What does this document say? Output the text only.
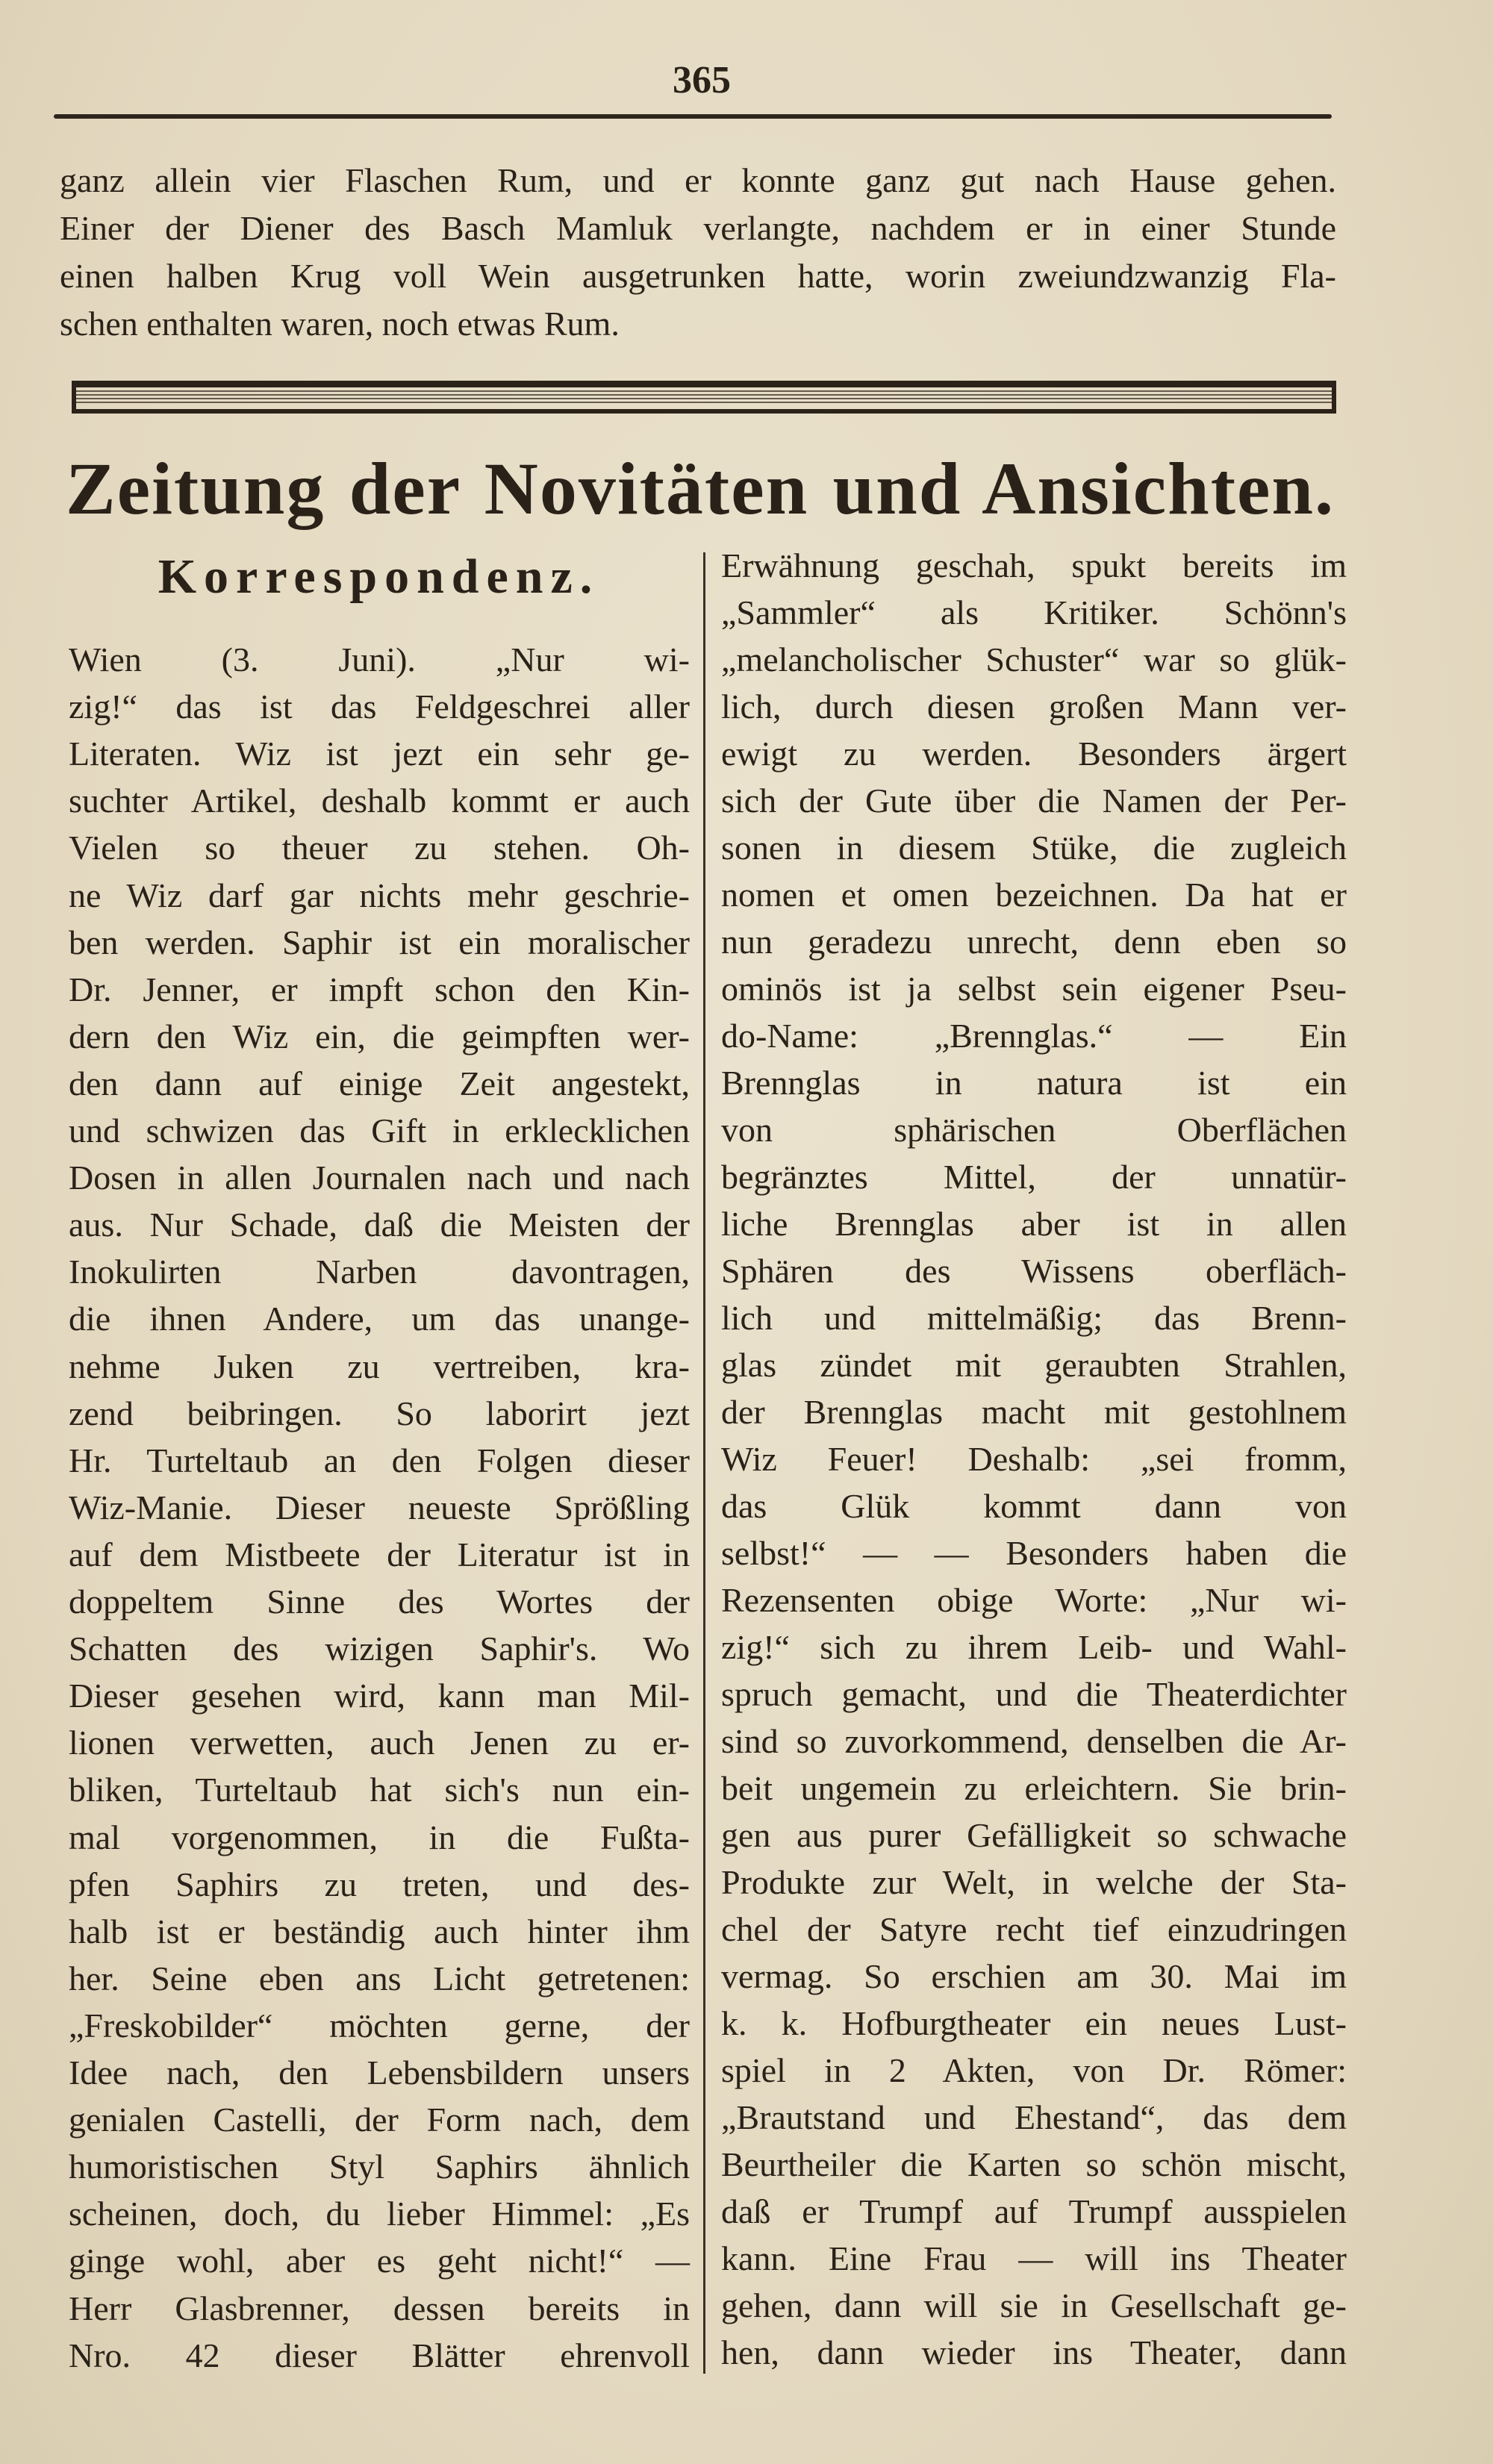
365
ganz allein vier Flaschen Rum, und er konnte ganz gut nach Hause gehen.
Einer der Diener des Basch Mamluk verlangte, nachdem er in einer Stunde
einen halben Krug voll Wein ausgetrunken hatte, worin zweiundzwanzig Fla-
schen enthalten waren, noch etwas Rum.
Zeitung der Novitäten und Ansichten.
Korrespondenz.
Wien (3. Juni). „Nur wi-
zig!“ das ist das Feldgeschrei aller
Literaten. Wiz ist jezt ein sehr ge-
suchter Artikel, deshalb kommt er auch
Vielen so theuer zu stehen. Oh-
ne Wiz darf gar nichts mehr geschrie-
ben werden. Saphir ist ein moralischer
Dr. Jenner, er impft schon den Kin-
dern den Wiz ein, die geimpften wer-
den dann auf einige Zeit angestekt,
und schwizen das Gift in erklecklichen
Dosen in allen Journalen nach und nach
aus. Nur Schade, daß die Meisten der
Inokulirten Narben davontragen,
die ihnen Andere, um das unange-
nehme Juken zu vertreiben, kra-
zend beibringen. So laborirt jezt
Hr. Turteltaub an den Folgen dieser
Wiz-Manie. Dieser neueste Sprößling
auf dem Mistbeete der Literatur ist in
doppeltem Sinne des Wortes der
Schatten des wizigen Saphir's. Wo
Dieser gesehen wird, kann man Mil-
lionen verwetten, auch Jenen zu er-
bliken, Turteltaub hat sich's nun ein-
mal vorgenommen, in die Fußta-
pfen Saphirs zu treten, und des-
halb ist er beständig auch hinter ihm
her. Seine eben ans Licht getretenen:
„Freskobilder“ möchten gerne, der
Idee nach, den Lebensbildern unsers
genialen Castelli, der Form nach, dem
humoristischen Styl Saphirs ähnlich
scheinen, doch, du lieber Himmel: „Es
ginge wohl, aber es geht nicht!“ —
Herr Glasbrenner, dessen bereits in
Nro. 42 dieser Blätter ehrenvoll
Erwähnung geschah, spukt bereits im
„Sammler“ als Kritiker. Schönn's
„melancholischer Schuster“ war so glük-
lich, durch diesen großen Mann ver-
ewigt zu werden. Besonders ärgert
sich der Gute über die Namen der Per-
sonen in diesem Stüke, die zugleich
nomen et omen bezeichnen. Da hat er
nun geradezu unrecht, denn eben so
ominös ist ja selbst sein eigener Pseu-
do-Name: „Brennglas.“ — Ein
Brennglas in natura ist ein
von sphärischen Oberflächen
begränztes Mittel, der unnatür-
liche Brennglas aber ist in allen
Sphären des Wissens oberfläch-
lich und mittelmäßig; das Brenn-
glas zündet mit geraubten Strahlen,
der Brennglas macht mit gestohlnem
Wiz Feuer! Deshalb: „sei fromm,
das Glük kommt dann von
selbst!“ — — Besonders haben die
Rezensenten obige Worte: „Nur wi-
zig!“ sich zu ihrem Leib- und Wahl-
spruch gemacht, und die Theaterdichter
sind so zuvorkommend, denselben die Ar-
beit ungemein zu erleichtern. Sie brin-
gen aus purer Gefälligkeit so schwache
Produkte zur Welt, in welche der Sta-
chel der Satyre recht tief einzudringen
vermag. So erschien am 30. Mai im
k. k. Hofburgtheater ein neues Lust-
spiel in 2 Akten, von Dr. Römer:
„Brautstand und Ehestand“, das dem
Beurtheiler die Karten so schön mischt,
daß er Trumpf auf Trumpf ausspielen
kann. Eine Frau — will ins Theater
gehen, dann will sie in Gesellschaft ge-
hen, dann wieder ins Theater, dann
